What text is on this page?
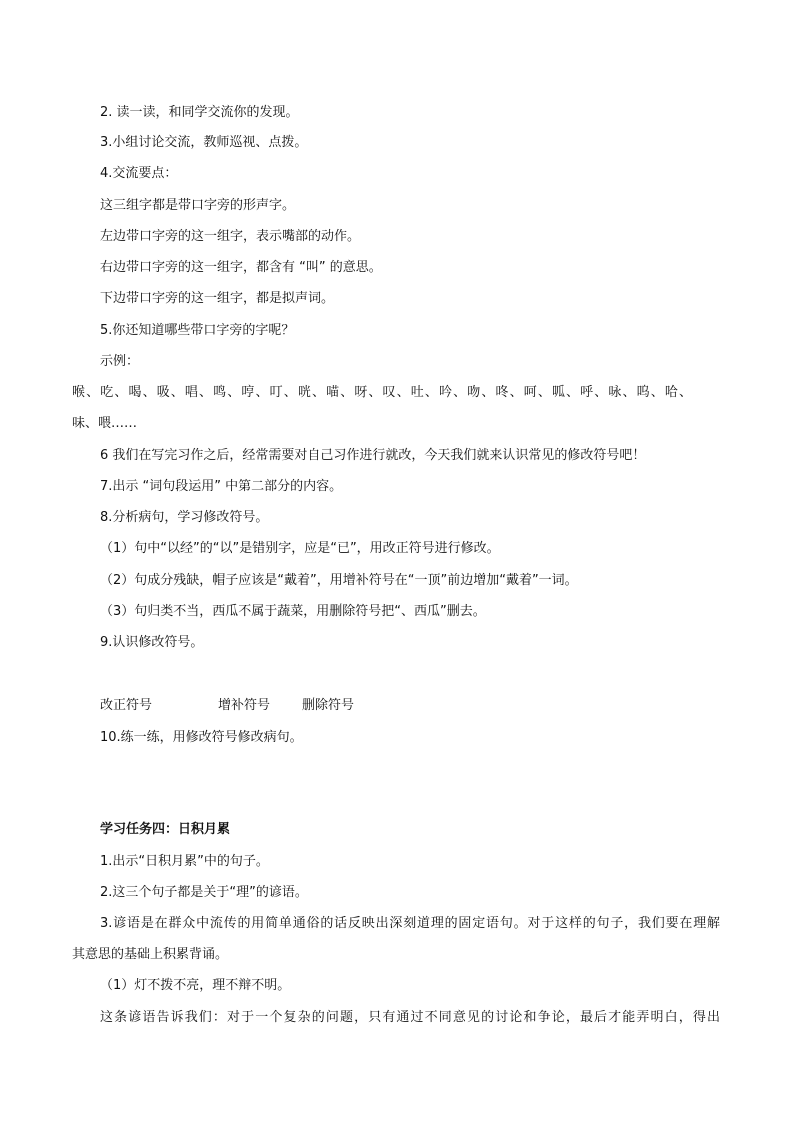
2. 读一读，和同学交流你的发现。
3.小组讨论交流，教师巡视、点拨。
4.交流要点：
这三组字都是带口字旁的形声字。
左边带口字旁的这一组字，表示嘴部的动作。
右边带口字旁的这一组字，都含有 “叫” 的意思。
下边带口字旁的这一组字，都是拟声词。
5.你还知道哪些带口字旁的字呢？
示例：
喉、吃、喝、吸、唱、鸣、哼、叮、咣、喵、呀、叹、吐、吟、吻、咚、呵、呱、呼、咏、呜、哈、
味、喂……
6 我们在写完习作之后，经常需要对自己习作进行就改，今天我们就来认识常见的修改符号吧！
7.出示 “词句段运用” 中第二部分的内容。
8.分析病句，学习修改符号。
（1）句中“以经”的“以”是错别字，应是“已”，用改正符号进行修改。
（2）句成分残缺，帽子应该是“戴着”，用增补符号在“一顶”前边增加“戴着”一词。
（3）句归类不当，西瓜不属于蔬菜，用删除符号把“、西瓜”删去。
9.认识修改符号。
改正符号	增补符号 删除符号
10.练一练，用修改符号修改病句。
学习任务四：日积月累
1.出示“日积月累”中的句子。
2.这三个句子都是关于“理”的谚语。
3.谚语是在群众中流传的用简单通俗的话反映出深刻道理的固定语句。对于这样的句子，我们要在理解
其意思的基础上积累背诵。
（1）灯不拨不亮，理不辩不明。
这条谚语告诉我们：对于一个复杂的问题，只有通过不同意见的讨论和争论，最后才能弄明白，得出
